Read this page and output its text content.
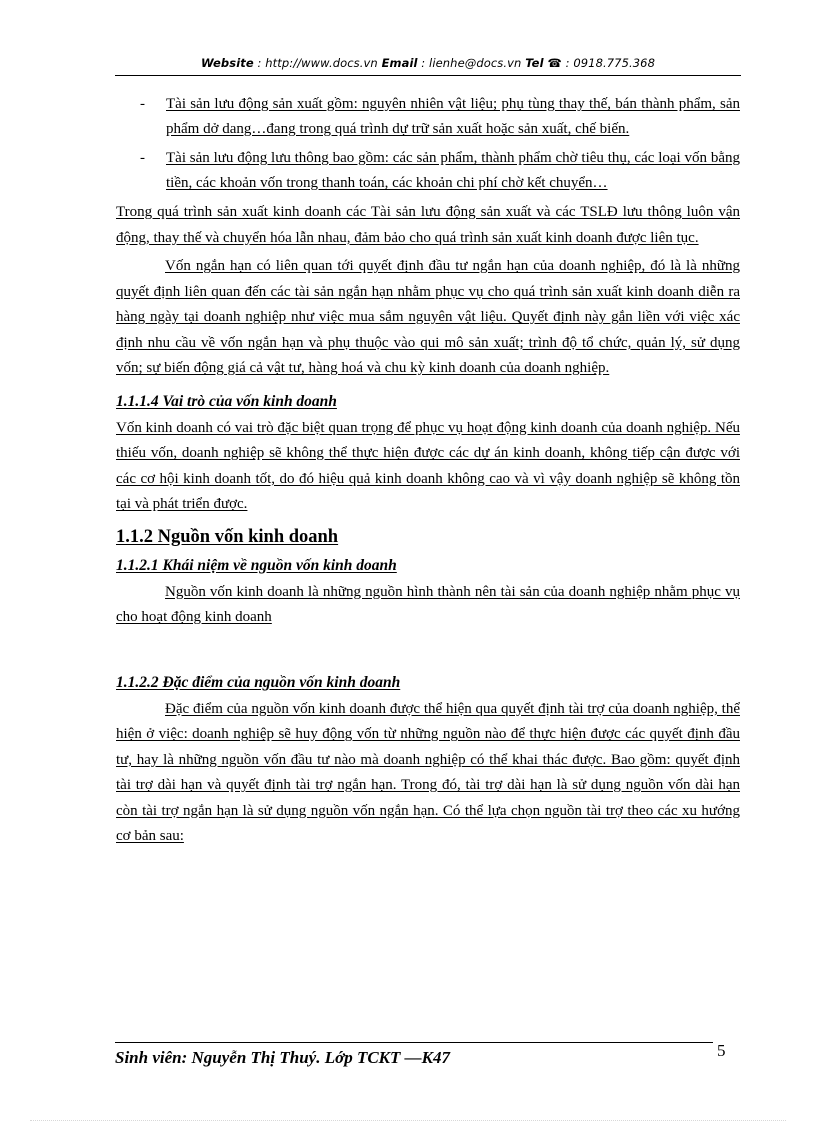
Website : http://www.docs.vn Email : lienhe@docs.vn Tel ☎ : 0918.775.368
- Tài sản lưu động sản xuất gồm: nguyên nhiên vật liệu; phụ tùng thay thế, bán thành phẩm, sản phẩm dở dang…đang trong quá trình dự trữ sản xuất hoặc sản xuất, chế biến.
- Tài sản lưu động lưu thông bao gồm: các sản phẩm, thành phẩm chờ tiêu thụ, các loại vốn bằng tiền, các khoản vốn trong thanh toán, các khoản chi phí chờ kết chuyển…
Trong quá trình sản xuất kinh doanh các Tài sản lưu động sản xuất và các TSLĐ lưu thông luôn vận động, thay thế và chuyển hóa lẫn nhau, đảm bảo cho quá trình sản xuất kinh doanh được liên tục.
Vốn ngắn hạn có liên quan tới quyết định đầu tư ngắn hạn của doanh nghiệp, đó là là những quyết định liên quan đến các tài sản ngắn hạn nhằm phục vụ cho quá trình sản xuất kinh doanh diễn ra hàng ngày tại doanh nghiệp như việc mua sắm nguyên vật liệu. Quyết định này gắn liền với việc xác định nhu cầu về vốn ngắn hạn và phụ thuộc vào qui mô sản xuất; trình độ tổ chức, quản lý, sử dụng vốn; sự biến động giá cả vật tư, hàng hoá và chu kỳ kinh doanh của doanh nghiệp.
1.1.1.4 Vai trò của vốn kinh doanh
Vốn kinh doanh có vai trò đặc biệt quan trọng để phục vụ hoạt động kinh doanh của doanh nghiệp. Nếu thiếu vốn, doanh nghiệp sẽ không thể thực hiện được các dự án kinh doanh, không tiếp cận được với các cơ hội kinh doanh tốt, do đó hiệu quả kinh doanh không cao và vì vậy doanh nghiệp sẽ không tồn tại và phát triển được.
1.1.2 Nguồn vốn kinh doanh
1.1.2.1 Khái niệm về nguồn vốn kinh doanh
Nguồn vốn kinh doanh là những nguồn hình thành nên tài sản của doanh nghiệp nhằm phục vụ cho hoạt động kinh doanh
1.1.2.2 Đặc điểm của nguồn vốn kinh doanh
Đặc điểm của nguồn vốn kinh doanh được thể hiện qua quyết định tài trợ của doanh nghiệp, thể hiện ở việc: doanh nghiệp sẽ huy động vốn từ những nguồn nào để thực hiện được các quyết định đầu tư, hay là những nguồn vốn đầu tư nào mà doanh nghiệp có thể khai thác được. Bao gồm: quyết định tài trợ dài hạn và quyết định tài trợ ngắn hạn. Trong đó, tài trợ dài hạn là sử dụng nguồn vốn dài hạn còn tài trợ ngắn hạn là sử dụng nguồn vốn ngắn hạn. Có thể lựa chọn nguồn tài trợ theo các xu hướng cơ bản sau:
Sinh viên: Nguyễn Thị Thuý. Lớp TCKT —K47	5
